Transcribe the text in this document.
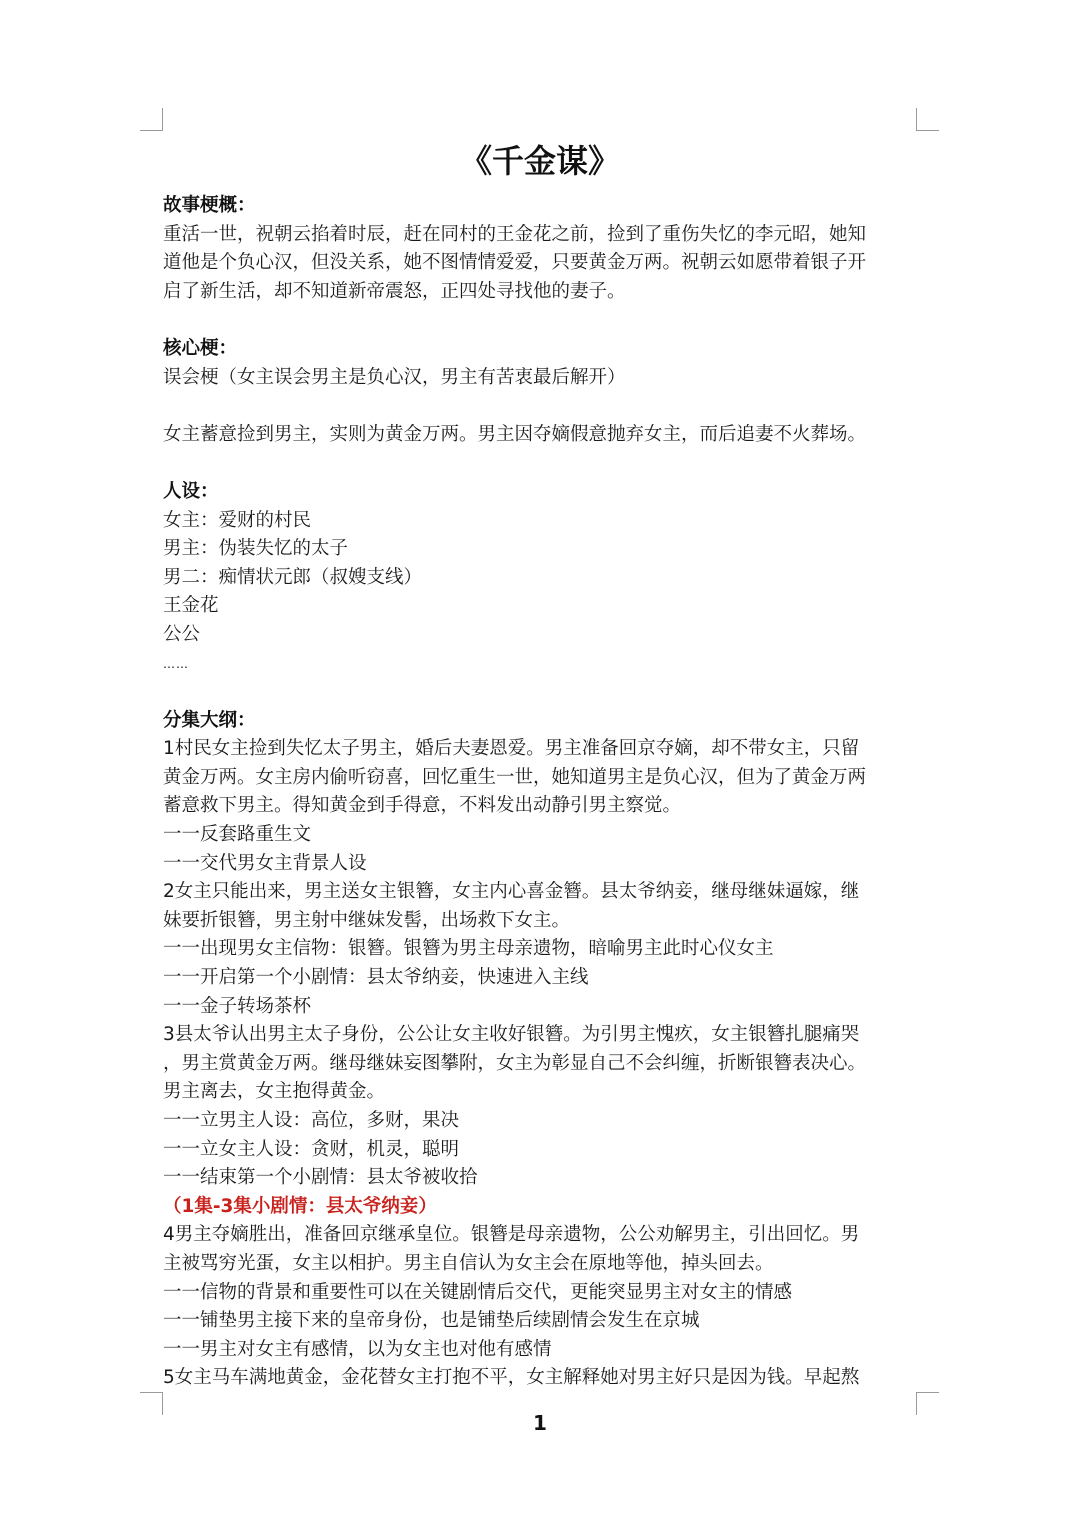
《千金谋》
故事梗概：
重活一世，祝朝云掐着时辰，赶在同村的王金花之前，捡到了重伤失忆的李元昭，她知
道他是个负心汉，但没关系，她不图情情爱爱，只要黄金万两。祝朝云如愿带着银子开
启了新生活，却不知道新帝震怒，正四处寻找他的妻子。
核心梗：
误会梗（女主误会男主是负心汉，男主有苦衷最后解开）
女主蓄意捡到男主，实则为黄金万两。男主因夺嫡假意抛弃女主，而后追妻不火葬场。
人设：
女主：爱财的村民
男主：伪装失忆的太子
男二：痴情状元郎（叔嫂支线）
王金花
公公
……
分集大纲：
1村民女主捡到失忆太子男主，婚后夫妻恩爱。男主准备回京夺嫡，却不带女主，只留
黄金万两。女主房内偷听窃喜，回忆重生一世，她知道男主是负心汉，但为了黄金万两
蓄意救下男主。得知黄金到手得意，不料发出动静引男主察觉。
一一反套路重生文
一一交代男女主背景人设
2女主只能出来，男主送女主银簪，女主内心喜金簪。县太爷纳妾，继母继妹逼嫁，继
妹要折银簪，男主射中继妹发髻，出场救下女主。
一一出现男女主信物：银簪。银簪为男主母亲遗物，暗喻男主此时心仪女主
一一开启第一个小剧情：县太爷纳妾，快速进入主线
一一金子转场茶杯
3县太爷认出男主太子身份，公公让女主收好银簪。为引男主愧疚，女主银簪扎腿痛哭
，男主赏黄金万两。继母继妹妄图攀附，女主为彰显自己不会纠缠，折断银簪表决心。
男主离去，女主抱得黄金。
一一立男主人设：高位，多财，果决
一一立女主人设：贪财，机灵，聪明
一一结束第一个小剧情：县太爷被收拾
（1集-3集小剧情：县太爷纳妾）
4男主夺嫡胜出，准备回京继承皇位。银簪是母亲遗物，公公劝解男主，引出回忆。男
主被骂穷光蛋，女主以相护。男主自信认为女主会在原地等他，掉头回去。
一一信物的背景和重要性可以在关键剧情后交代，更能突显男主对女主的情感
一一铺垫男主接下来的皇帝身份，也是铺垫后续剧情会发生在京城
一一男主对女主有感情，以为女主也对他有感情
5女主马车满地黄金，金花替女主打抱不平，女主解释她对男主好只是因为钱。早起熬
1
